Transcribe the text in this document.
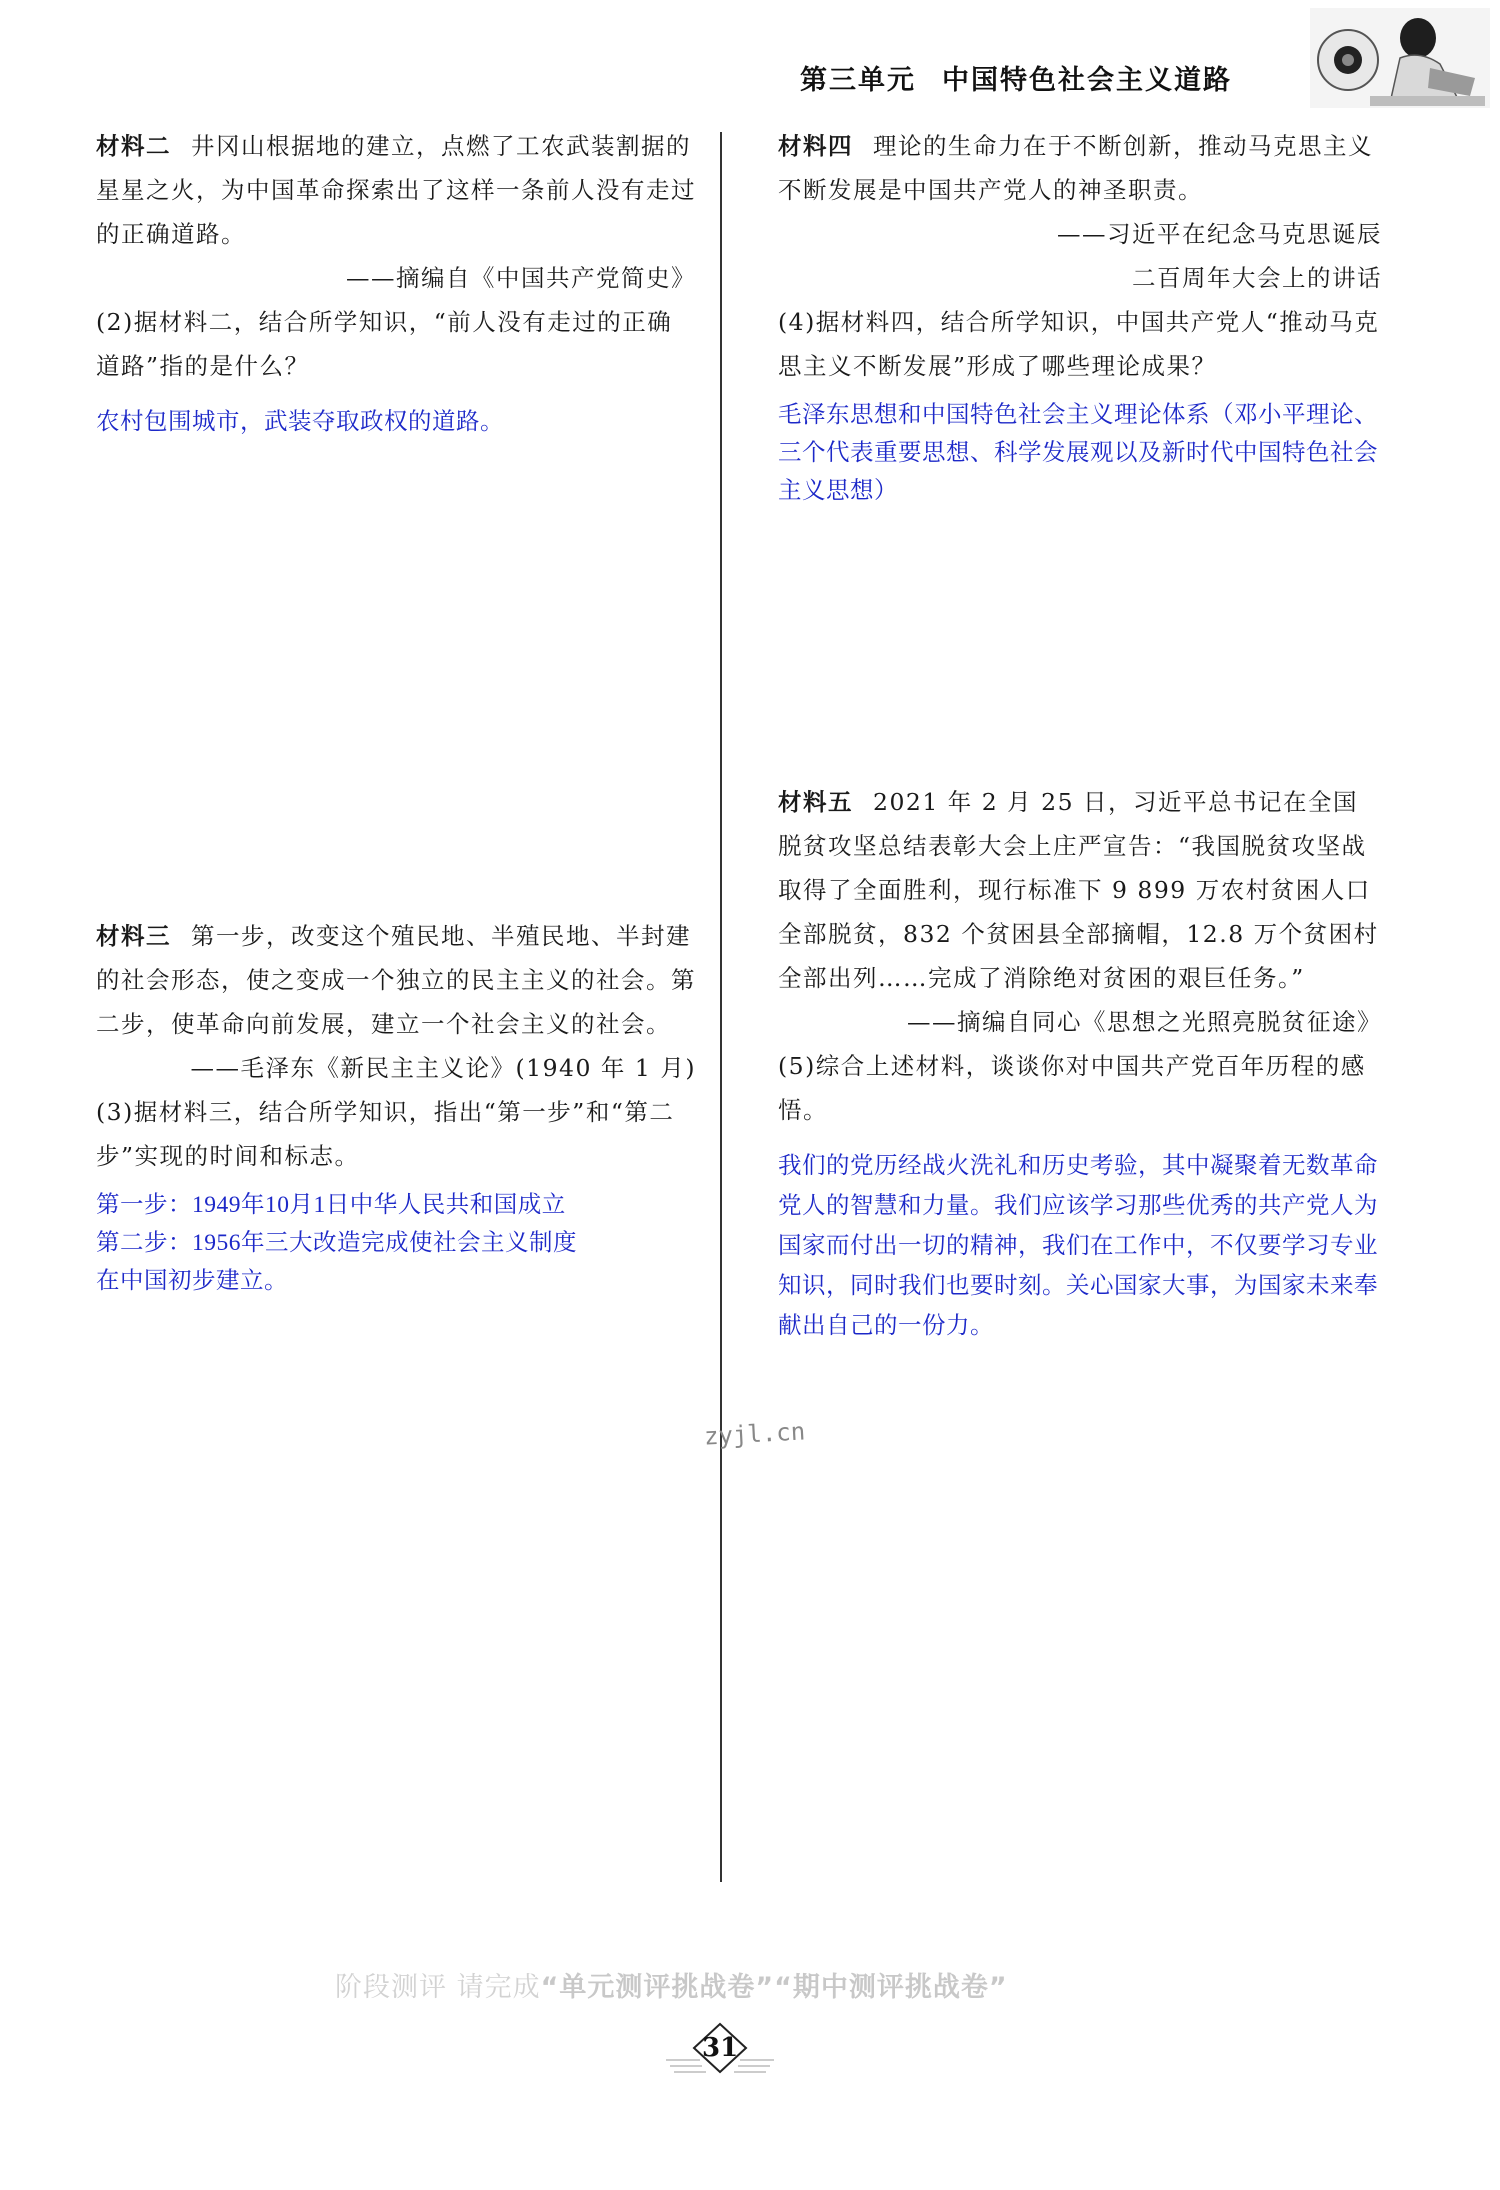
第三单元 中国特色社会主义道路

材料二 井冈山根据地的建立，点燃了工农武装割据的星星之火，为中国革命探索出了这样一条前人没有走过的正确道路。

——摘编自《中国共产党简史》

(2)据材料二，结合所学知识，“前人没有走过的正确道路”指的是什么？

农村包围城市，武装夺取政权的道路。

材料三 第一步，改变这个殖民地、半殖民地、半封建的社会形态，使之变成一个独立的民主主义的社会。第二步，使革命向前发展，建立一个社会主义的社会。

——毛泽东《新民主主义论》(1940 年 1 月)

(3)据材料三，结合所学知识，指出“第一步”和“第二步”实现的时间和标志。

第一步：1949年10月1日中华人民共和国成立

第二步：1956年三大改造完成使社会主义制度

在中国初步建立。

材料四 理论的生命力在于不断创新，推动马克思主义不断发展是中国共产党人的神圣职责。

——习近平在纪念马克思诞辰

二百周年大会上的讲话

(4)据材料四，结合所学知识，中国共产党人“推动马克思主义不断发展”形成了哪些理论成果？

毛泽东思想和中国特色社会主义理论体系（邓小平理论、三个代表重要思想、科学发展观以及新时代中国特色社会主义思想）

材料五 2021 年 2 月 25 日，习近平总书记在全国脱贫攻坚总结表彰大会上庄严宣告：“我国脱贫攻坚战取得了全面胜利，现行标准下 9 899 万农村贫困人口全部脱贫，832 个贫困县全部摘帽，12.8 万个贫困村全部出列……完成了消除绝对贫困的艰巨任务。”

——摘编自同心《思想之光照亮脱贫征途》

(5)综合上述材料，谈谈你对中国共产党百年历程的感悟。

我们的党历经战火洗礼和历史考验，其中凝聚着无数革命党人的智慧和力量。我们应该学习那些优秀的共产党人为国家而付出一切的精神，我们在工作中，不仅要学习专业知识，同时我们也要时刻。关心国家大事，为国家未来奉献出自己的一份力。

zyjl.cn
阶段测评 请完成“单元测评挑战卷”“期中测评挑战卷”
31
